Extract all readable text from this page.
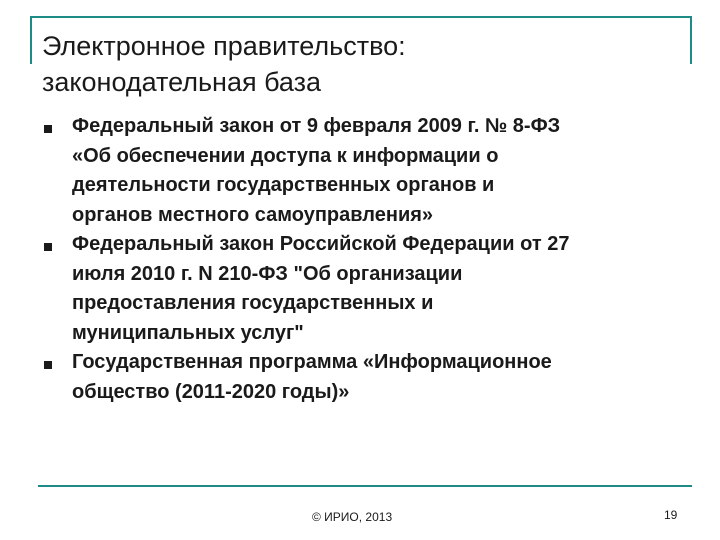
Электронное правительство:
законодательная база
Федеральный закон от 9 февраля 2009 г. № 8-ФЗ
«Об обеспечении доступа к информации о
деятельности государственных органов и
органов местного самоуправления»
Федеральный закон Российской Федерации от 27
июля 2010 г. N 210-ФЗ "Об организации
предоставления государственных и
муниципальных услуг"
Государственная программа «Информационное
общество (2011-2020 годы)»
© ИРИО, 2013	19
